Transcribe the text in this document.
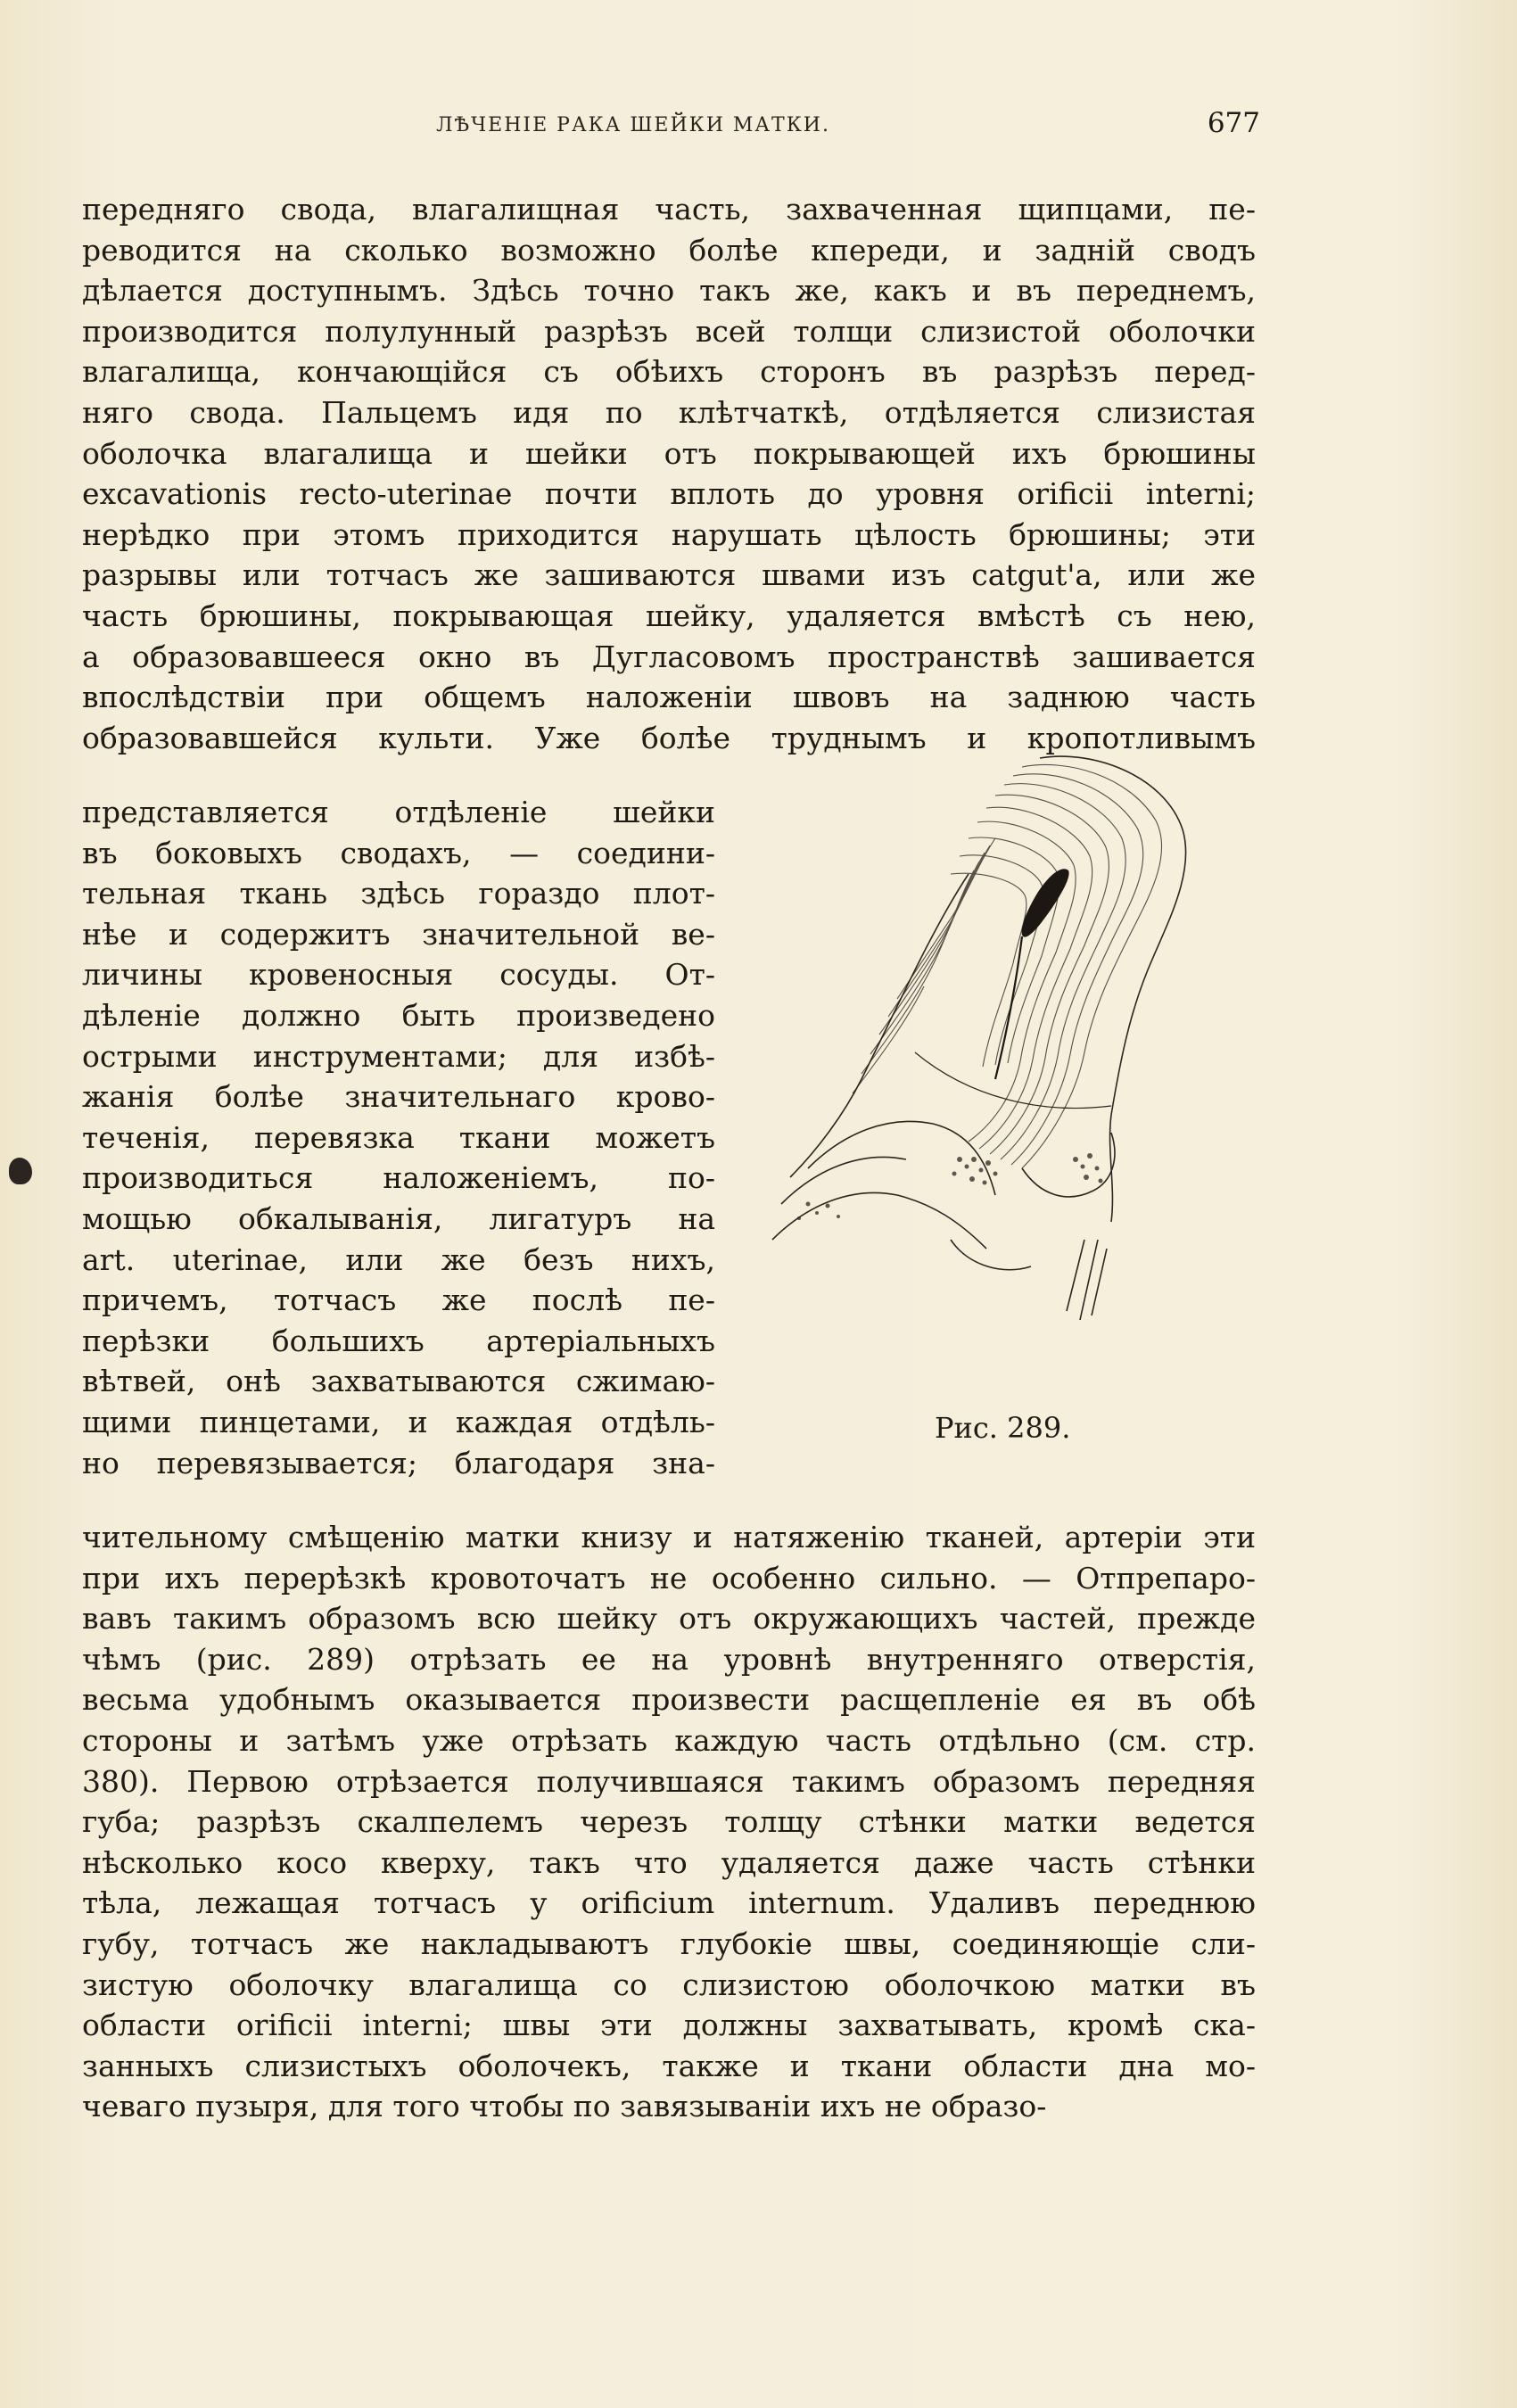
ЛѢЧЕНІЕ РАКА ШЕЙКИ МАТКИ.	677
передняго свода, влагалищная часть, захваченная щипцами, пе-
реводится на сколько возможно болѣе кпереди, и задній сводъ
дѣлается доступнымъ. Здѣсь точно такъ же, какъ и въ переднемъ,
производится полулунный разрѣзъ всей толщи слизистой оболочки
влагалища, кончающійся съ обѣихъ сторонъ въ разрѣзъ перед-
няго свода. Пальцемъ идя по клѣтчаткѣ, отдѣляется слизистая
оболочка влагалища и шейки отъ покрывающей ихъ брюшины
excavationis recto-uterinae почти вплоть до уровня orificii interni;
нерѣдко при этомъ приходится нарушать цѣлость брюшины; эти
разрывы или тотчасъ же зашиваются швами изъ catgut'a, или же
часть брюшины, покрывающая шейку, удаляется вмѣстѣ съ нею,
а образовавшееся окно въ Дугласовомъ пространствѣ зашивается
впослѣдствіи при общемъ наложеніи швовъ на заднюю часть
образовавшейся культи. Уже болѣе труднымъ и кропотливымъ
представляется отдѣленіе шейки
въ боковыхъ сводахъ, — соедини-
тельная ткань здѣсь гораздо плот-
нѣе и содержитъ значительной ве-
личины кровеносныя сосуды. От-
дѣленіе должно быть произведено
острыми инструментами; для избѣ-
жанія болѣе значительнаго крово-
теченія, перевязка ткани можетъ
производиться наложеніемъ, по-
мощью обкалыванія, лигатуръ на
art. uterinae, или же безъ нихъ,
причемъ, тотчасъ же послѣ пе-
перѣзки большихъ артеріальныхъ
вѣтвей, онѣ захватываются сжимаю-
щими пинцетами, и каждая отдѣль-
но перевязывается; благодаря зна-
Рис. 289.
чительному смѣщенію матки книзу и натяженію тканей, артеріи эти
при ихъ перерѣзкѣ кровоточатъ не особенно сильно. — Отпрепаро-
вавъ такимъ образомъ всю шейку отъ окружающихъ частей, прежде
чѣмъ (рис. 289) отрѣзать ее на уровнѣ внутренняго отверстія,
весьма удобнымъ оказывается произвести расщепленіе ея въ обѣ
стороны и затѣмъ уже отрѣзать каждую часть отдѣльно (см. стр.
380). Первою отрѣзается получившаяся такимъ образомъ передняя
губа; разрѣзъ скалпелемъ черезъ толщу стѣнки матки ведется
нѣсколько косо кверху, такъ что удаляется даже часть стѣнки
тѣла, лежащая тотчасъ у orificium internum. Удаливъ переднюю
губу, тотчасъ же накладываютъ глубокіе швы, соединяющіе сли-
зистую оболочку влагалища со слизистою оболочкою матки въ
области orificii interni; швы эти должны захватывать, кромѣ ска-
занныхъ слизистыхъ оболочекъ, также и ткани области дна мо-
чеваго пузыря, для того чтобы по завязываніи ихъ не образо-
